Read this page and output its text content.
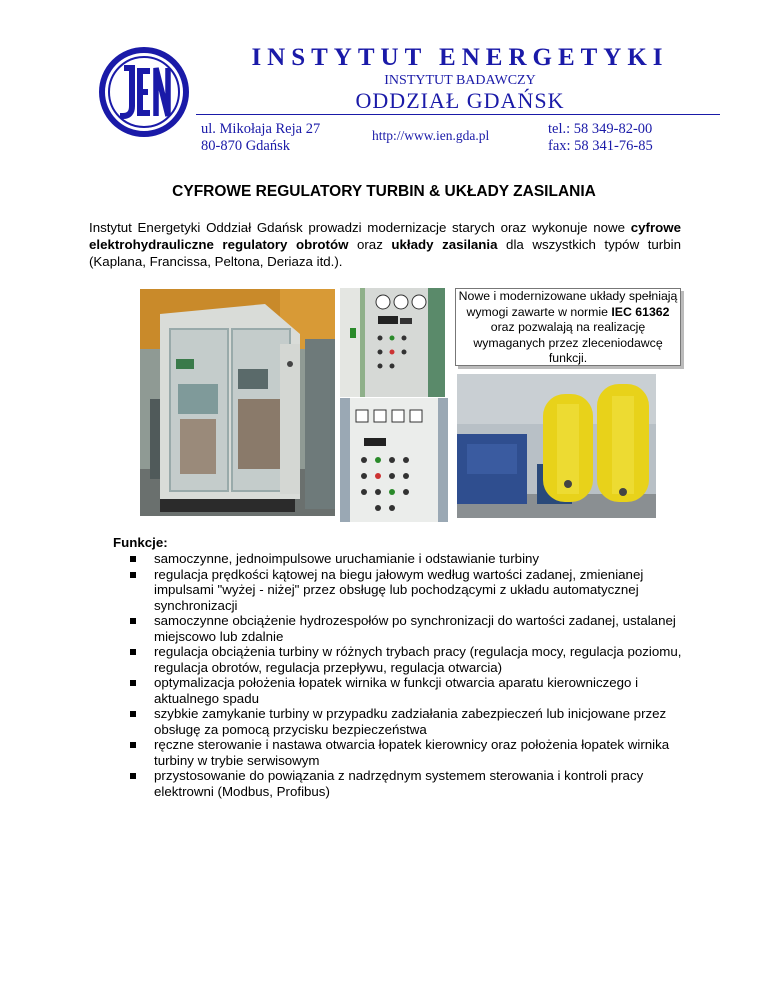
INSTYTUT ENERGETYKI
INSTYTUT BADAWCZY
ODDZIAŁ GDAŃSK
ul. Mikołaja Reja 27
80-870 Gdańsk
http://www.ien.gda.pl	tel.: 58 349-82-00
fax: 58 341-76-85
CYFROWE REGULATORY TURBIN & UKŁADY ZASILANIA
Instytut Energetyki Oddział Gdańsk prowadzi modernizacje starych oraz wykonuje nowe cyfrowe elektrohydrauliczne regulatory obrotów oraz układy zasilania dla wszystkich typów turbin (Kaplana, Francissa, Peltona, Deriaza itd.).
Nowe i modernizowane układy spełniają wymogi zawarte w normie IEC 61362 oraz pozwalają na realizację wymaganych przez zleceniodawcę funkcji.
Funkcje:
samoczynne, jednoimpulsowe uruchamianie i odstawianie turbiny
regulacja prędkości kątowej na biegu jałowym według wartości zadanej, zmienianej impulsami "wyżej - niżej" przez obsługę lub pochodzącymi z układu automatycznej synchronizacji
samoczynne obciążenie hydrozespołów po synchronizacji do wartości zadanej, ustalanej miejscowo lub zdalnie
regulacja obciążenia turbiny w różnych trybach pracy (regulacja mocy, regulacja poziomu, regulacja obrotów, regulacja przepływu, regulacja otwarcia)
optymalizacja położenia łopatek wirnika w funkcji otwarcia aparatu kierowniczego i aktualnego spadu
szybkie zamykanie turbiny w przypadku zadziałania zabezpieczeń lub inicjowane przez obsługę za pomocą przycisku bezpieczeństwa
ręczne sterowanie i nastawa otwarcia łopatek kierownicy oraz położenia łopatek wirnika turbiny w trybie serwisowym
przystosowanie do powiązania z nadrzędnym systemem sterowania i kontroli pracy elektrowni (Modbus, Profibus)
